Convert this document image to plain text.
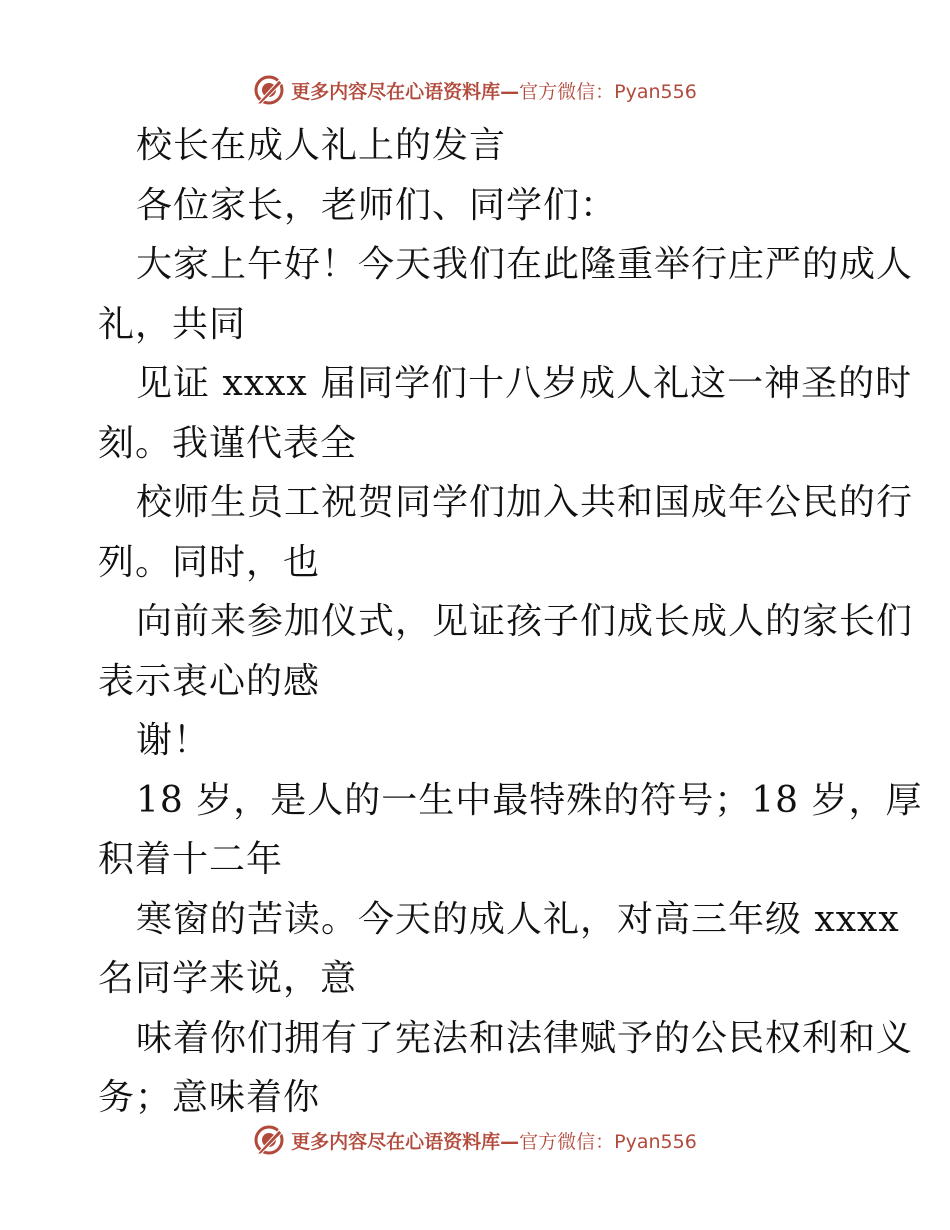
更多内容尽在心语资料库—官方微信：Pyan556
校长在成人礼上的发言
各位家长，老师们、同学们：
大家上午好！今天我们在此隆重举行庄严的成人
礼，共同
见证 xxxx 届同学们十八岁成人礼这一神圣的时
刻。我谨代表全
校师生员工祝贺同学们加入共和国成年公民的行
列。同时，也
向前来参加仪式，见证孩子们成长成人的家长们
表示衷心的感
谢！
18 岁，是人的一生中最特殊的符号；18 岁，厚
积着十二年
寒窗的苦读。今天的成人礼，对高三年级 xxxx
名同学来说，意
味着你们拥有了宪法和法律赋予的公民权利和义
务；意味着你
更多内容尽在心语资料库—官方微信：Pyan556
